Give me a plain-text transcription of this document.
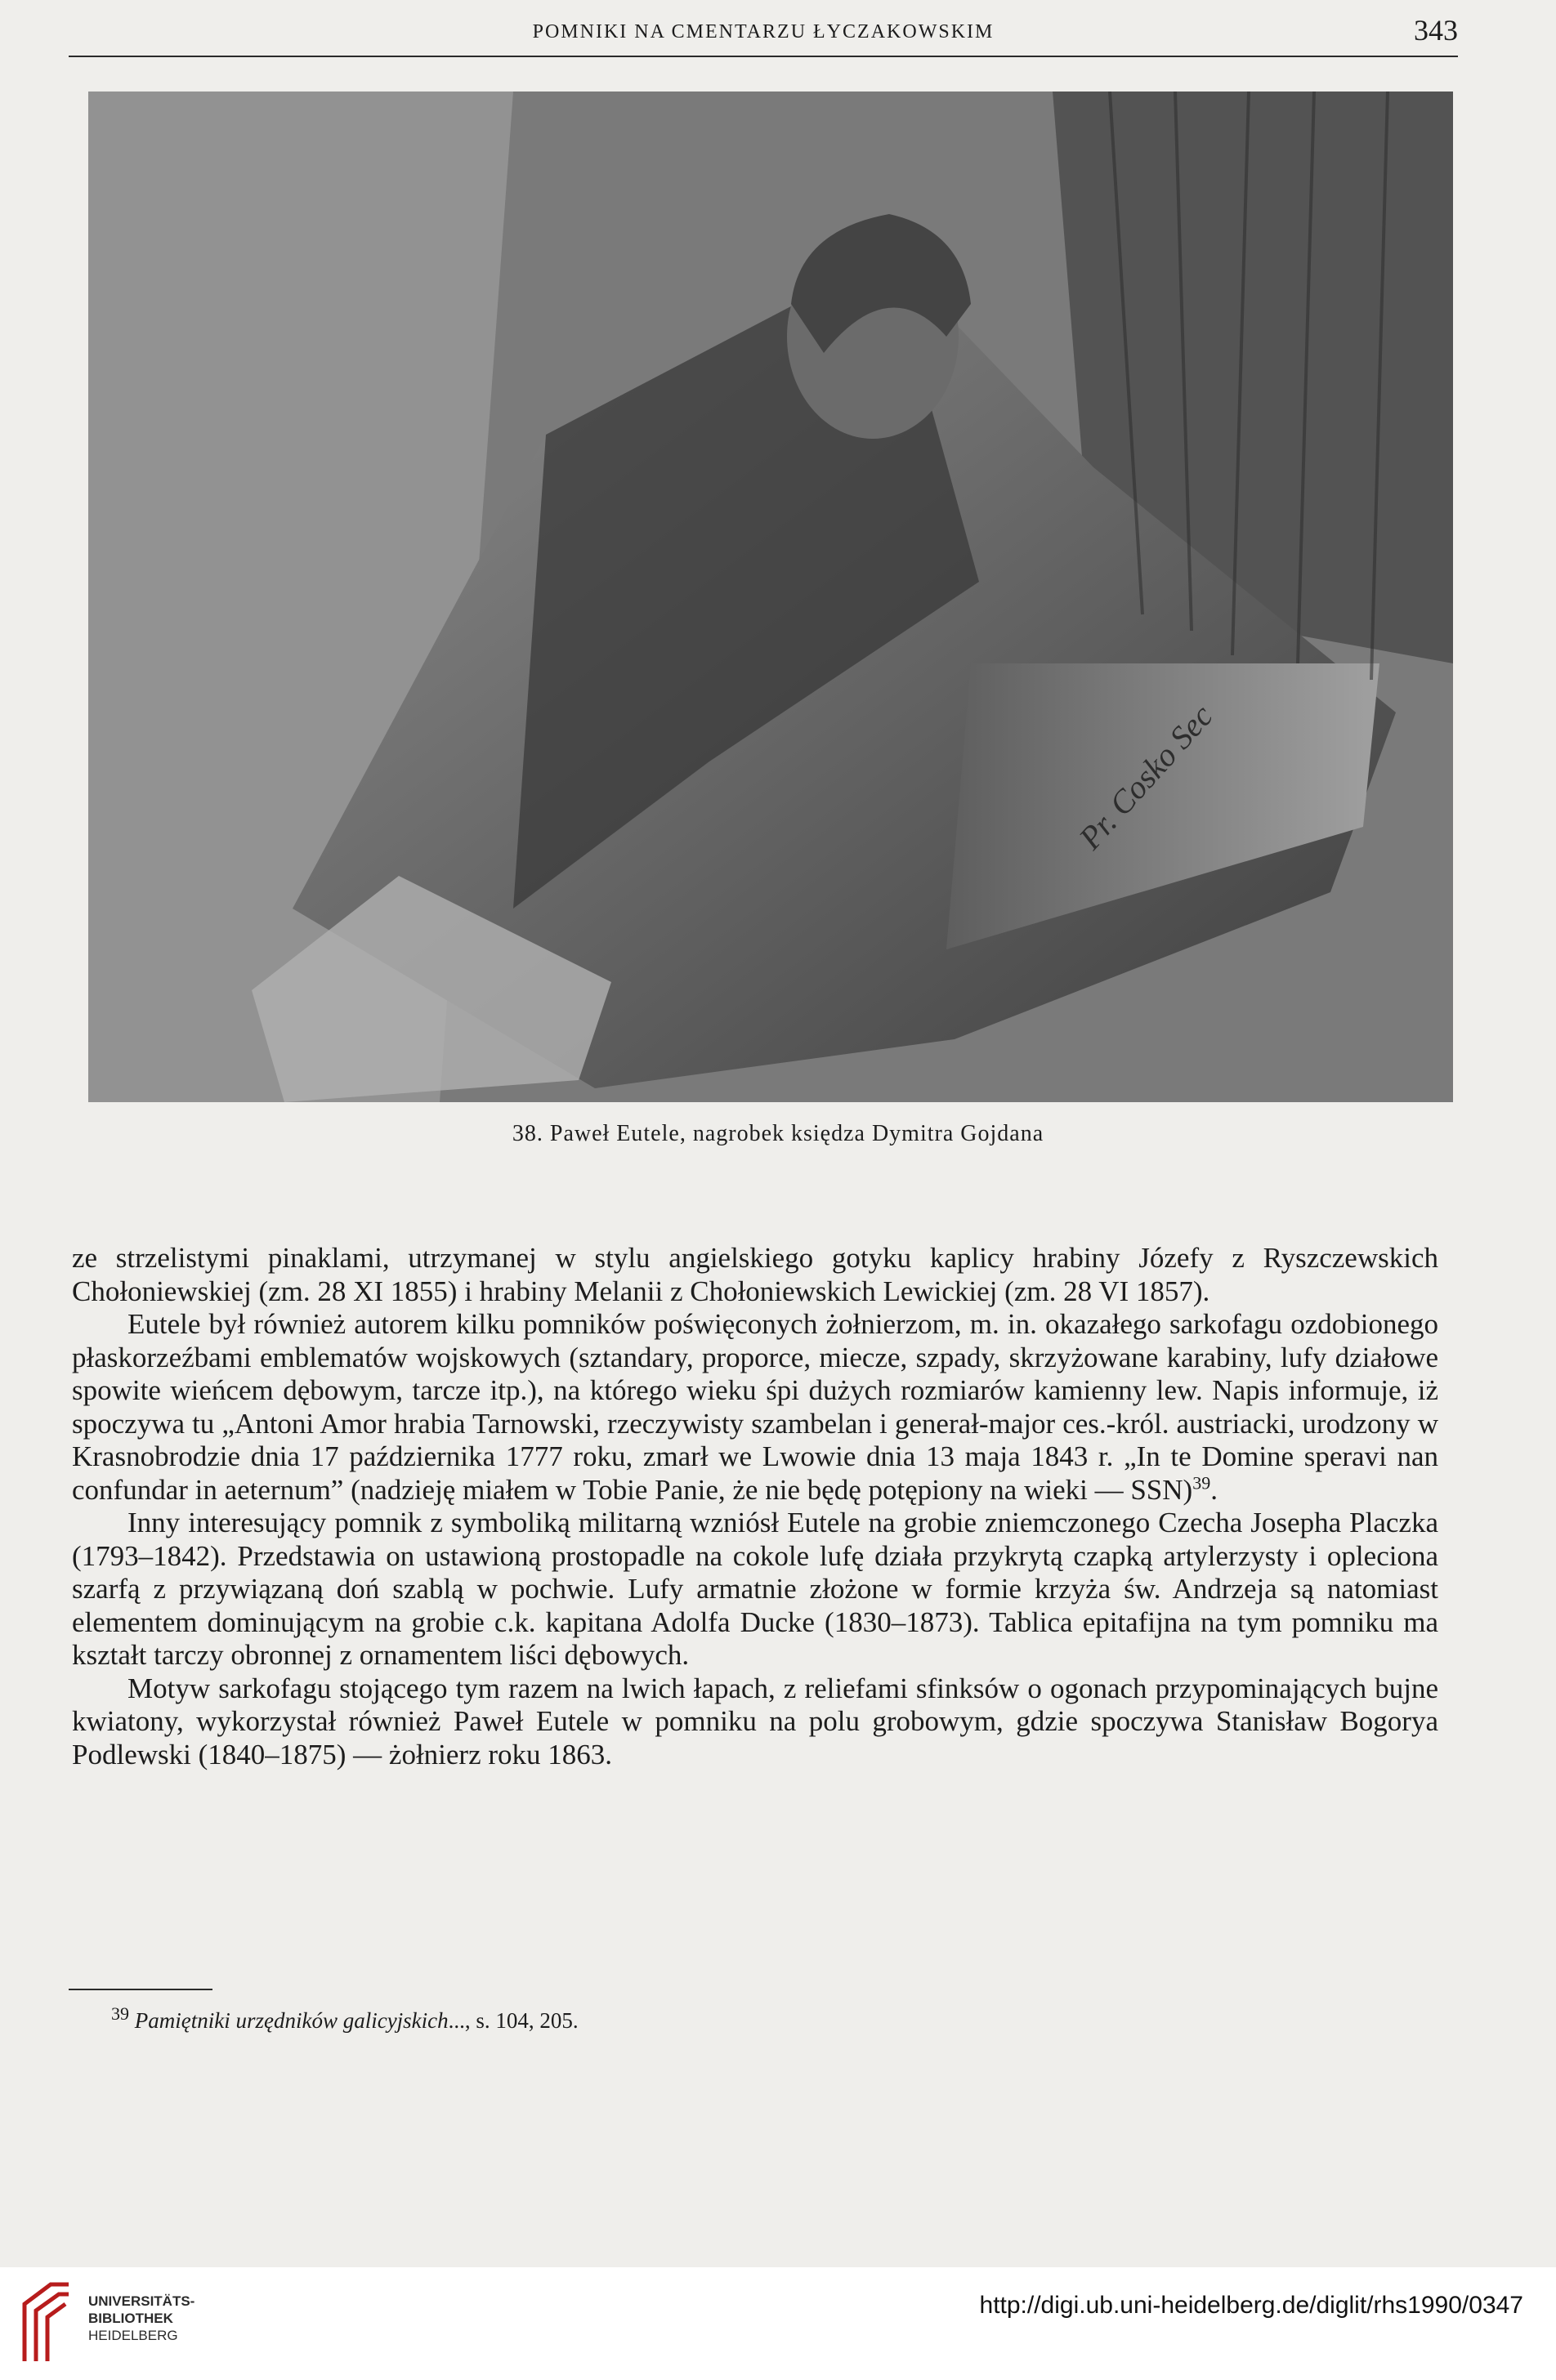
POMNIKI NA CMENTARZU ŁYCZAKOWSKIM	343
Pr. Cosko Sec
38. Paweł Eutele, nagrobek księdza Dymitra Gojdana

ze strzelistymi pinaklami, utrzymanej w stylu angielskiego gotyku kaplicy hrabiny Józefy z Ryszczewskich Chołoniewskiej (zm. 28 XI 1855) i hrabiny Melanii z Chołoniewskich Lewickiej (zm. 28 VI 1857).

Eutele był również autorem kilku pomników poświęconych żołnierzom, m. in. okazałego sarkofagu ozdobionego płaskorzeźbami emblematów wojskowych (sztandary, proporce, miecze, szpady, skrzyżowane karabiny, lufy działowe spowite wieńcem dębowym, tarcze itp.), na którego wieku śpi dużych rozmiarów kamienny lew. Napis informuje, iż spoczywa tu „Antoni Amor hrabia Tarnowski, rzeczywisty szambelan i generał-major ces.-król. austriacki, urodzony w Krasnobrodzie dnia 17 października 1777 roku, zmarł we Lwowie dnia 13 maja 1843 r. „In te Domine speravi nan confundar in aeternum” (nadzieję miałem w Tobie Panie, że nie będę potępiony na wieki — SSN)$^{39}$.

Inny interesujący pomnik z symboliką militarną wzniósł Eutele na grobie zniemczonego Czecha Josepha Placzka (1793–1842). Przedstawia on ustawioną prostopadle na cokole lufę działa przykrytą czapką artylerzysty i opleciona szarfą z przywiązaną doń szablą w pochwie. Lufy armatnie złożone w formie krzyża św. Andrzeja są natomiast elementem dominującym na grobie c.k. kapitana Adolfa Ducke (1830–1873). Tablica epitafijna na tym pomniku ma kształt tarczy obronnej z ornamentem liści dębowych.

Motyw sarkofagu stojącego tym razem na lwich łapach, z reliefami sfinksów o ogonach przypominających bujne kwiatony, wykorzystał również Paweł Eutele w pomniku na polu grobowym, gdzie spoczywa Stanisław Bogorya Podlewski (1840–1875) — żołnierz roku 1863.

$^{39}$ Pamiętniki urzędników galicyjskich..., s. 104, 205.
UNIVERSITÄTS-
BIBLIOTHEK
HEIDELBERG
http://digi.ub.uni-heidelberg.de/diglit/rhs1990/0347
